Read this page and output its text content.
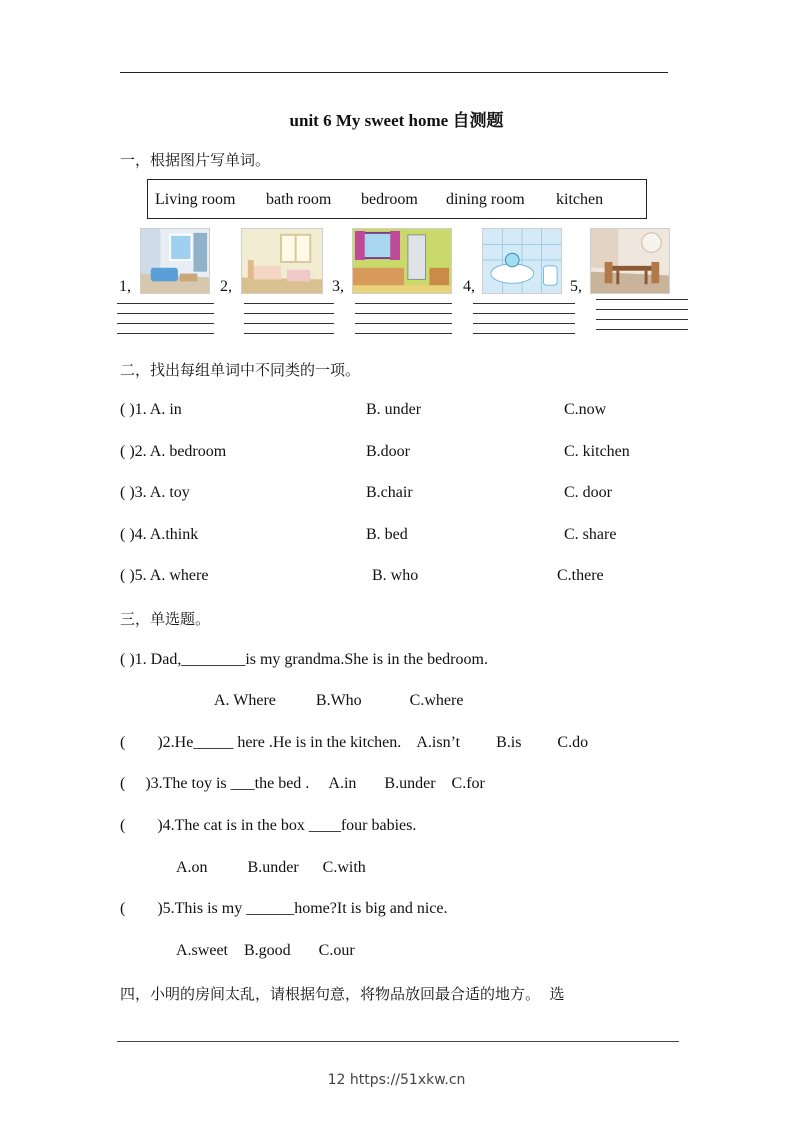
unit 6 My sweet home 自测题
一，根据图片写单词。
Living room bath room bedroom dining room kitchen
1,	2,	3,	4,	5,
二，找出每组单词中不同类的一项。
( )1. A. in	B. under	C.now
( )2. A. bedroom	B.door	C. kitchen
( )3. A. toy	B.chair	C. door
( )4. A.think	B. bed	C. share
( )5. A. where	B. who	C.there
三，单选题。
( )1. Dad,________is my grandma.She is in the bedroom.
A. Where          B.Who            C.where
(        )2.He_____ here .He is in the kitchen.    A.isn’t         B.is         C.do
(     )3.The toy is ___the bed .     A.in       B.under    C.for
(        )4.The cat is in the box ____four babies.
A.on          B.under      C.with
(        )5.This is my ______home?It is big and nice.
A.sweet    B.good       C.our
四，小明的房间太乱，请根据句意，将物品放回最合适的地方。  选
12 https://51xkw.cn
